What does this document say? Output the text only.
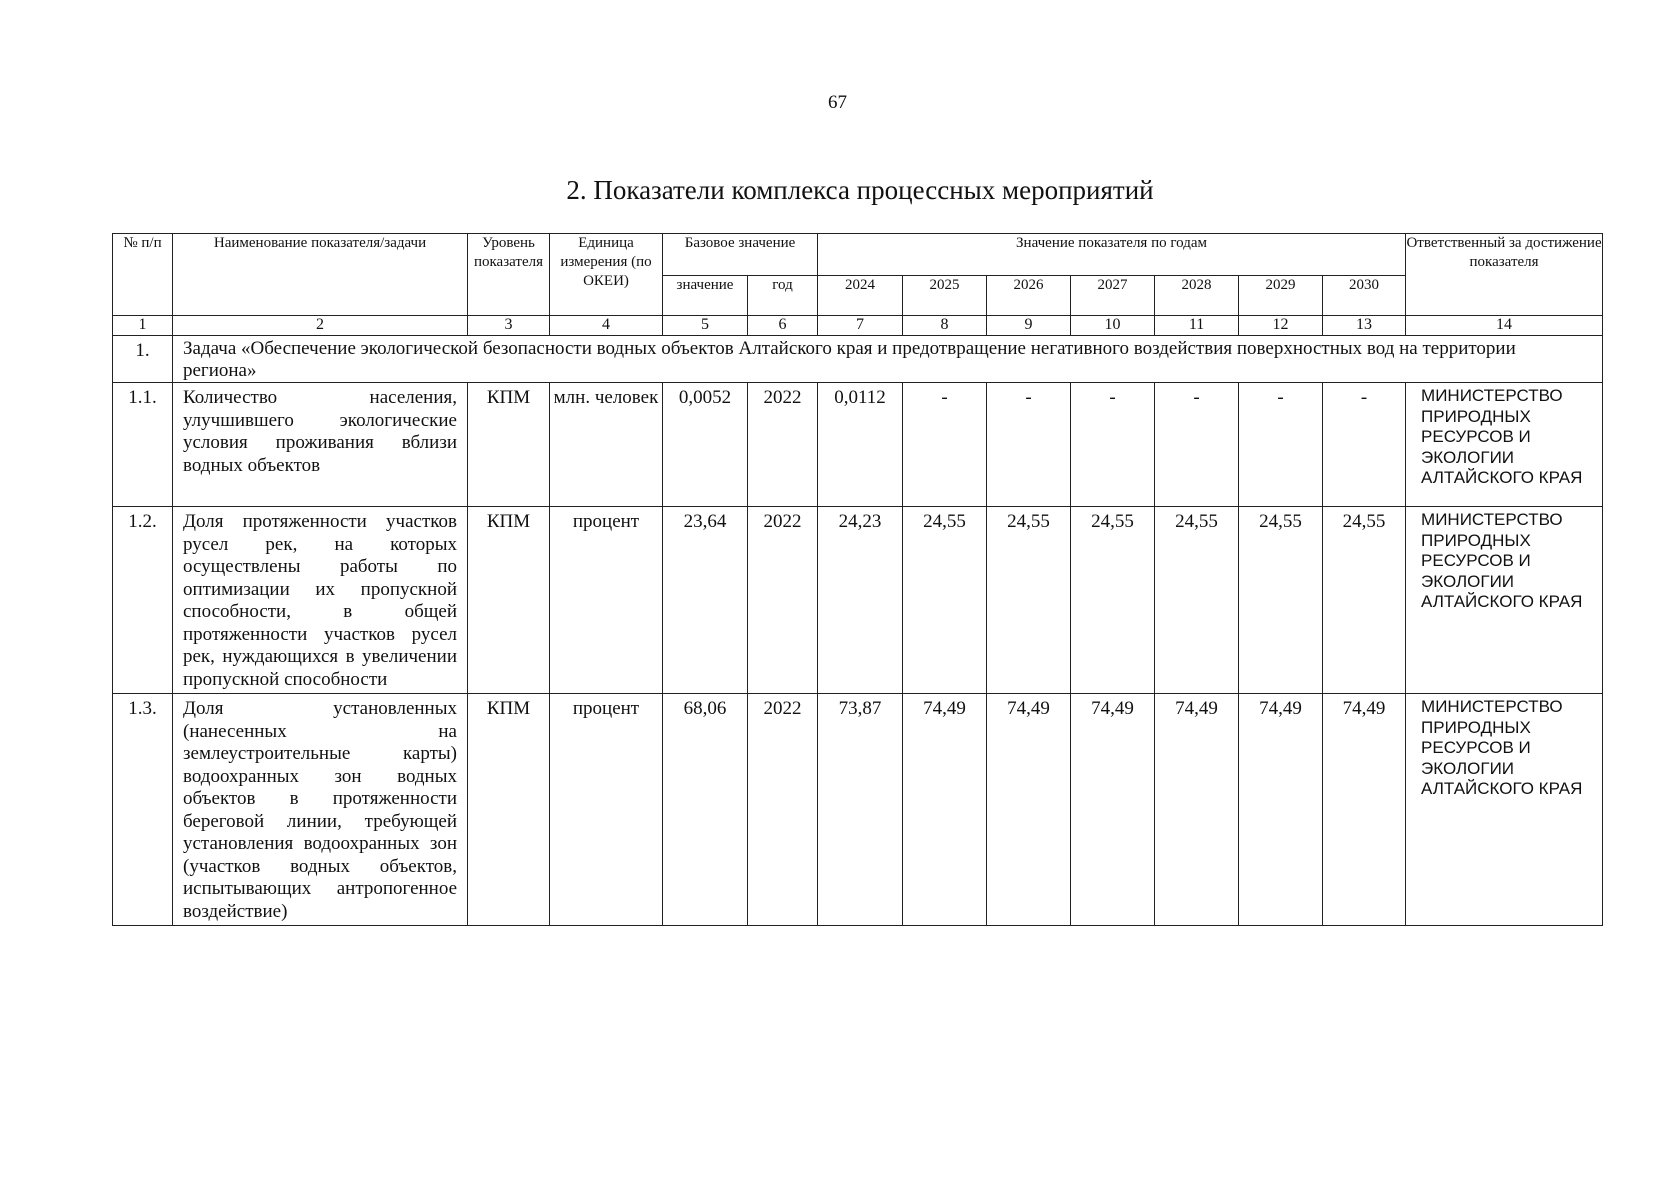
67
2. Показатели комплекса процессных мероприятий
№ п/п	Наименование показателя/задачи	Уровень показателя	Единица измерения (по ОКЕИ)	Базовое значение		Значение показателя по годам							Ответственный за достижение показателя
				значение	год	2024	2025	2026	2027	2028	2029	2030	
1	2	3	4	5	6	7	8	9	10	11	12	13	14
1.	Задача «Обеспечение экологической безопасности водных объектов Алтайского края и предотвращение негативного воздействия поверхностных вод на территории региона»												
1.1.	Количество населения, улучшившего экологические условия проживания вблизи водных объектов	КПМ	млн. человек	0,0052	2022	0,0112	-	-	-	-	-	-	МИНИСТЕРСТВО ПРИРОДНЫХ РЕСУРСОВ И ЭКОЛОГИИ АЛТАЙСКОГО КРАЯ
1.2.	Доля протяженности участков русел рек, на которых осуществлены работы по оптимизации их пропускной способности, в общей протяженности участков русел рек, нуждающихся в увеличении пропускной способности	КПМ	процент	23,64	2022	24,23	24,55	24,55	24,55	24,55	24,55	24,55	МИНИСТЕРСТВО ПРИРОДНЫХ РЕСУРСОВ И ЭКОЛОГИИ АЛТАЙСКОГО КРАЯ
1.3.	Доля установленных (нанесенных на землеустроительные карты) водоохранных зон водных объектов в протяженности береговой линии, требующей установления водоохранных зон (участков водных объектов, испытывающих антропогенное воздействие)	КПМ	процент	68,06	2022	73,87	74,49	74,49	74,49	74,49	74,49	74,49	МИНИСТЕРСТВО ПРИРОДНЫХ РЕСУРСОВ И ЭКОЛОГИИ АЛТАЙСКОГО КРАЯ
